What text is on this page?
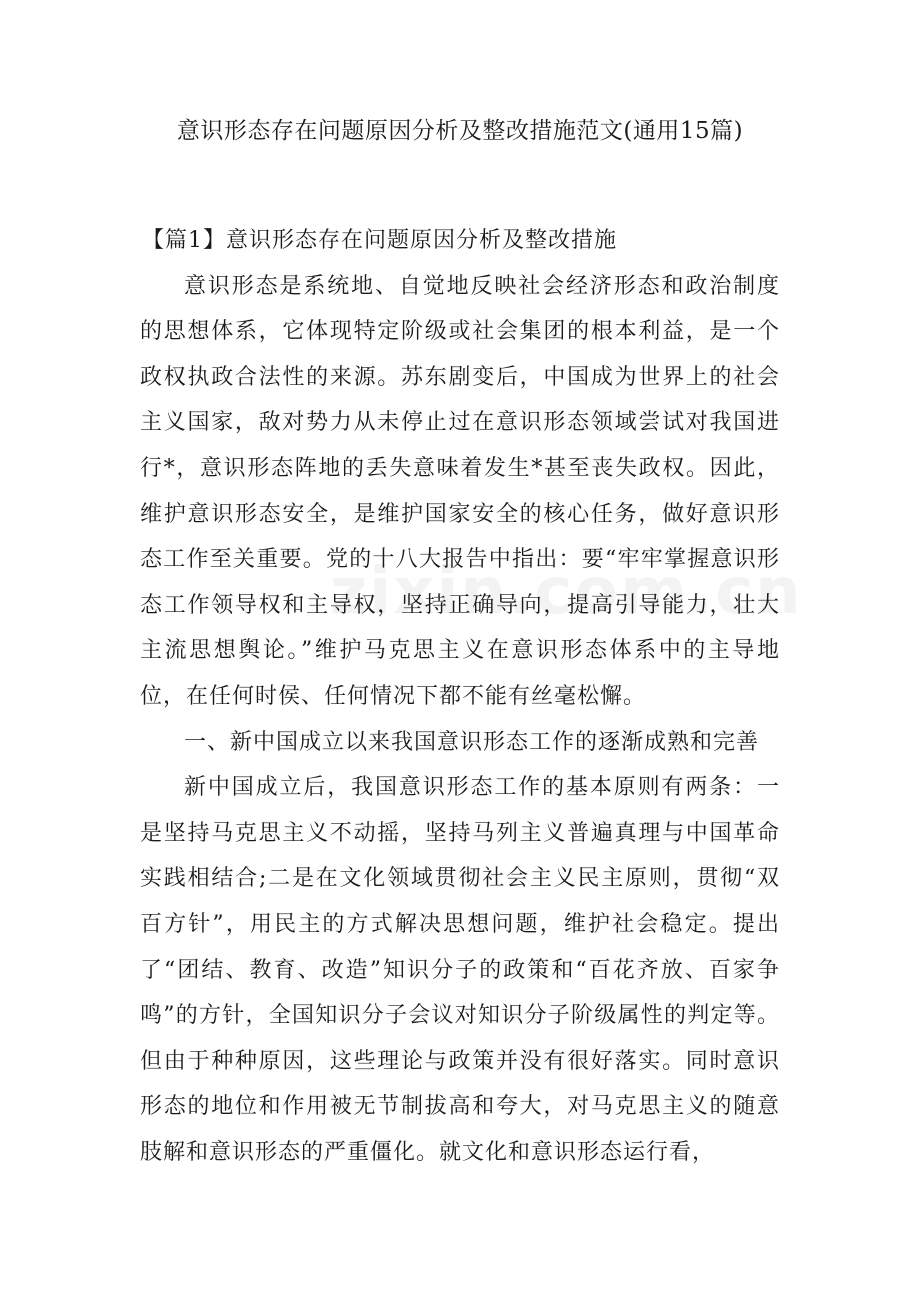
意识形态存在问题原因分析及整改措施范文(通用15篇)

【篇1】意识形态存在问题原因分析及整改措施

意识形态是系统地、自觉地反映社会经济形态和政治制度的思想体系，它体现特定阶级或社会集团的根本利益，是一个政权执政合法性的来源。苏东剧变后，中国成为世界上的社会主义国家，敌对势力从未停止过在意识形态领域尝试对我国进行*，意识形态阵地的丢失意味着发生*甚至丧失政权。因此，维护意识形态安全，是维护国家安全的核心任务，做好意识形态工作至关重要。党的十八大报告中指出：要“牢牢掌握意识形态工作领导权和主导权，坚持正确导向，提高引导能力，壮大主流思想舆论。”维护马克思主义在意识形态体系中的主导地位，在任何时侯、任何情况下都不能有丝毫松懈。

一、新中国成立以来我国意识形态工作的逐渐成熟和完善

新中国成立后，我国意识形态工作的基本原则有两条：一是坚持马克思主义不动摇，坚持马列主义普遍真理与中国革命实践相结合;二是在文化领域贯彻社会主义民主原则，贯彻“双百方针”，用民主的方式解决思想问题，维护社会稳定。提出了“团结、教育、改造”知识分子的政策和“百花齐放、百家争鸣”的方针，全国知识分子会议对知识分子阶级属性的判定等。但由于种种原因，这些理论与政策并没有很好落实。同时意识形态的地位和作用被无节制拔高和夸大，对马克思主义的随意肢解和意识形态的严重僵化。就文化和意识形态运行看，
